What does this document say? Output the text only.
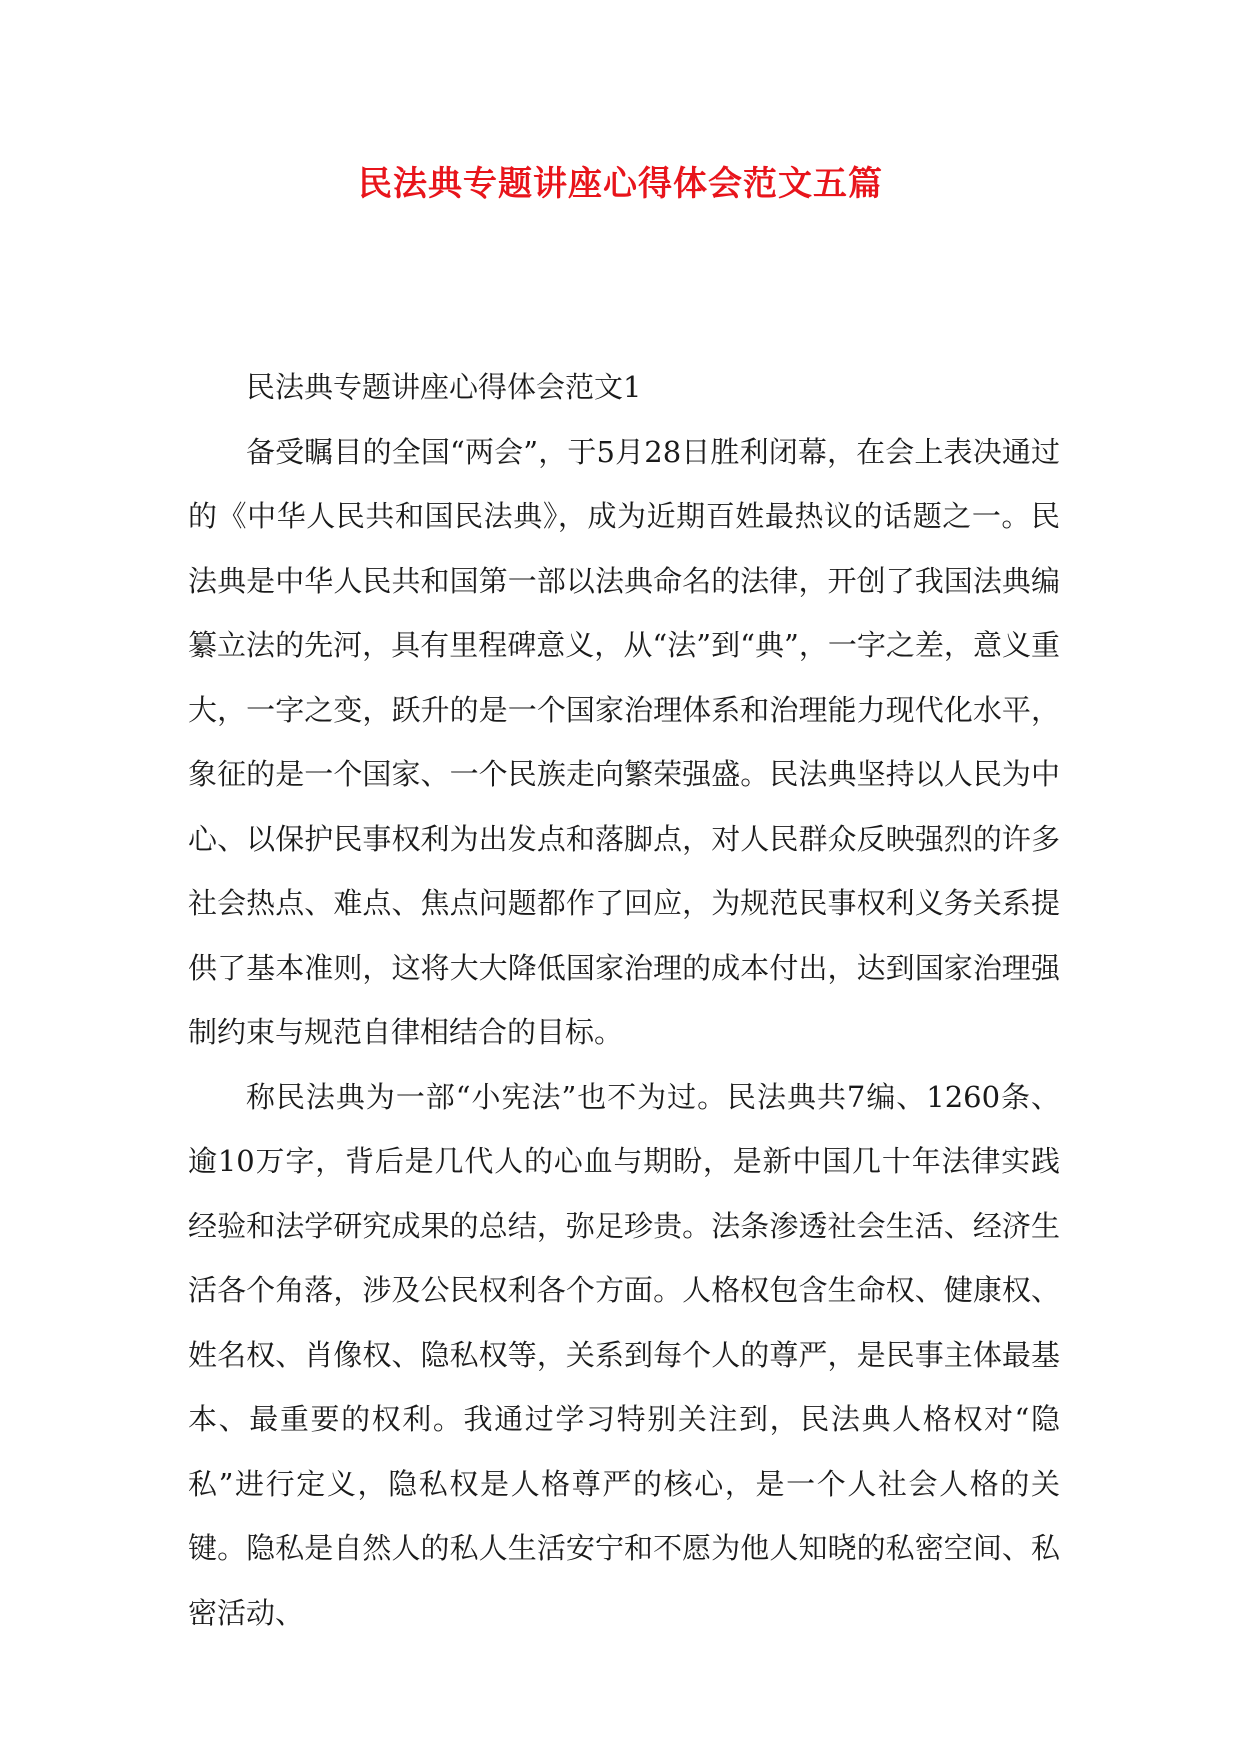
民法典专题讲座心得体会范文五篇

民法典专题讲座心得体会范文1

备受瞩目的全国“两会”，于5月28日胜利闭幕，在会上表决通过的《中华人民共和国民法典》，成为近期百姓最热议的话题之一。民法典是中华人民共和国第一部以法典命名的法律，开创了我国法典编纂立法的先河，具有里程碑意义，从“法”到“典”，一字之差，意义重大，一字之变，跃升的是一个国家治理体系和治理能力现代化水平，象征的是一个国家、一个民族走向繁荣强盛。民法典坚持以人民为中心、以保护民事权利为出发点和落脚点，对人民群众反映强烈的许多社会热点、难点、焦点问题都作了回应，为规范民事权利义务关系提供了基本准则，这将大大降低国家治理的成本付出，达到国家治理强制约束与规范自律相结合的目标。

称民法典为一部“小宪法”也不为过。民法典共7编、1260条、逾10万字，背后是几代人的心血与期盼，是新中国几十年法律实践经验和法学研究成果的总结，弥足珍贵。法条渗透社会生活、经济生活各个角落，涉及公民权利各个方面。人格权包含生命权、健康权、姓名权、肖像权、隐私权等，关系到每个人的尊严，是民事主体最基本、最重要的权利。我通过学习特别关注到，民法典人格权对“隐私”进行定义，隐私权是人格尊严的核心，是一个人社会人格的关键。隐私是自然人的私人生活安宁和不愿为他人知晓的私密空间、私密活动、
